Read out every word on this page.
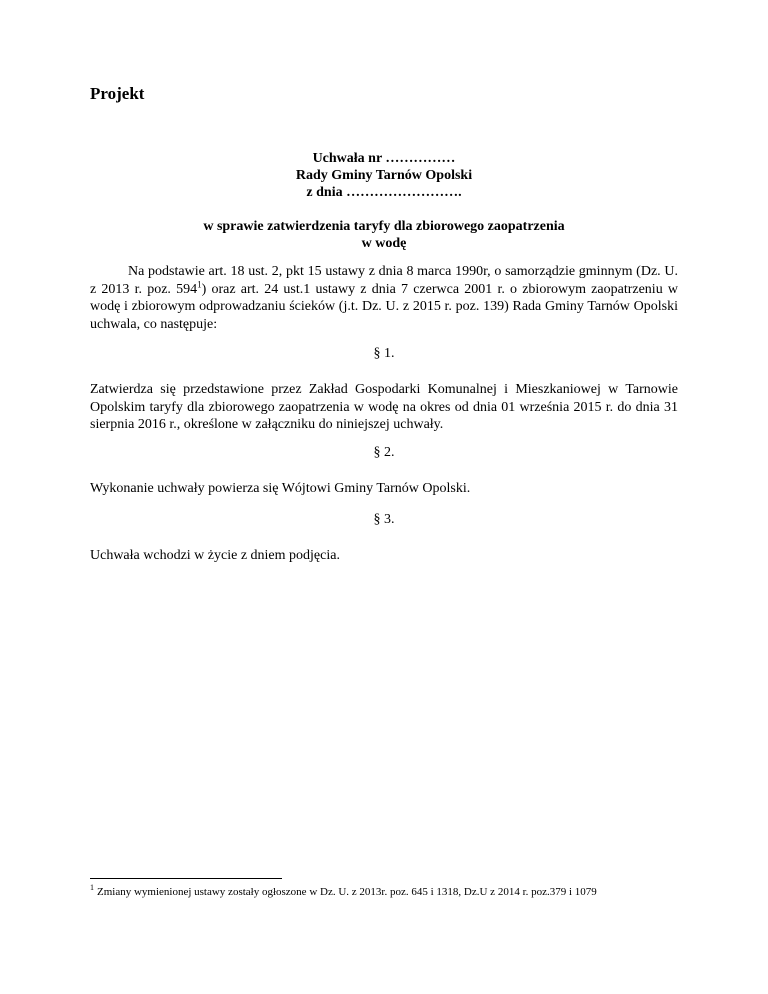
Projekt
Uchwała nr ……………
Rady Gminy Tarnów Opolski
z dnia …………………….
w sprawie zatwierdzenia taryfy dla zbiorowego zaopatrzenia
w wodę
Na podstawie art. 18 ust. 2, pkt 15 ustawy z dnia 8 marca 1990r, o samorządzie gminnym (Dz. U. z 2013 r. poz. $594^1$) oraz art. 24 ust.1 ustawy z dnia 7 czerwca 2001 r. o zbiorowym zaopatrzeniu w wodę i zbiorowym odprowadzaniu ścieków (j.t. Dz. U. z 2015 r. poz. 139) Rada Gminy Tarnów Opolski uchwala, co następuje:
§ 1.
Zatwierdza się przedstawione przez Zakład Gospodarki Komunalnej i Mieszkaniowej w Tarnowie Opolskim taryfy dla zbiorowego zaopatrzenia w wodę na okres od dnia 01 września 2015 r. do dnia 31 sierpnia 2016 r., określone w załączniku do niniejszej uchwały.
§ 2.
Wykonanie uchwały powierza się Wójtowi Gminy Tarnów Opolski.
§ 3.
Uchwała wchodzi w życie z dniem podjęcia.
$^1$ Zmiany wymienionej ustawy zostały ogłoszone w Dz. U. z 2013r. poz. 645 i 1318, Dz.U z 2014 r. poz.379 i 1079
